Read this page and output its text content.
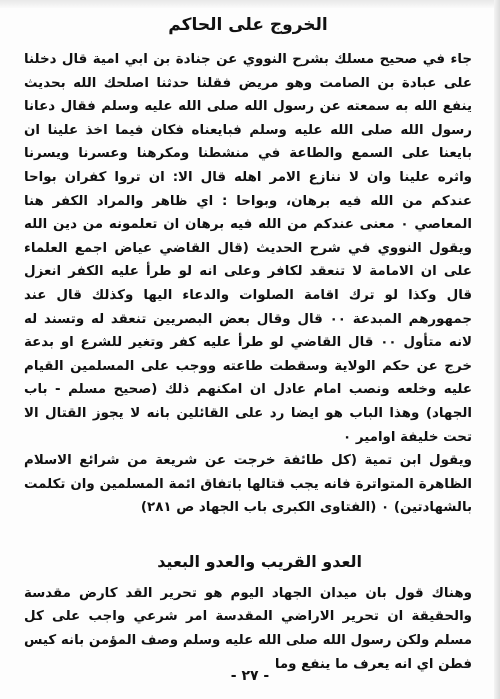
الخروج على الحاكم

جاء في صحيح مسلك بشرح النووي عن جنادة بن ابي امية قال دخلنا على عبادة بن الصامت وهو مريض فقلنا حدثنا اصلحك الله بحديث ينفع الله به سمعته عن رسول الله صلى الله عليه وسلم فقال دعانا رسول الله صلى الله عليه وسلم فبايعناه فكان فيما اخذ علينا ان بايعنا على السمع والطاعة في منشطنا ومكرهنا وعسرنا ويسرنا واثره علينا وان لا ننازع الامر اهله قال الا: ان تروا كفران بواحا عندكم من الله فيه برهان، وبواحا : اي ظاهر والمراد الكفر هنا المعاصي ٠ معنى عندكم من الله فيه برهان ان تعلمونه من دين الله ويقول النووي في شرح الحديث (قال القاضي عياض اجمع العلماء على ان الامامة لا تنعقد لكافر وعلى انه لو طرأ عليه الكفر انعزل قال وكذا لو ترك اقامة الصلوات والدعاء اليها وكذلك قال عند جمهورهم المبدعة ٠٠ قال وقال بعض البصريين تنعقد له وتسند له لانه متأول ٠٠ قال القاضي لو طرأ عليه كفر وتغير للشرع او بدعة خرج عن حكم الولاية وسقطت طاعته ووجب على المسلمين القيام عليه وخلعه ونصب امام عادل ان امكنهم ذلك (صحيح مسلم - باب الجهاد) وهذا الباب هو ايضا رد على القائلين بانه لا يجوز القتال الا تحت خليفة اوامير ٠

ويقول ابن تمية (كل طائفة خرجت عن شريعة من شرائع الاسلام الظاهرة المتواترة فانه يجب قتالها باتفاق ائمة المسلمين وان تكلمت بالشهادتين) ٠ (الفتاوى الكبرى باب الجهاد ص ٢٨١)

العدو القريب والعدو البعيد

وهناك قول بان ميدان الجهاد اليوم هو تحرير القد كارض مقدسة والحقيقة ان تحرير الاراضي المقدسة امر شرعي واجب على كل مسلم ولكن رسول الله صلى الله عليه وسلم وصف المؤمن بانه كيس فطن اي انه يعرف ما ينفع وما

- ٢٧ -
